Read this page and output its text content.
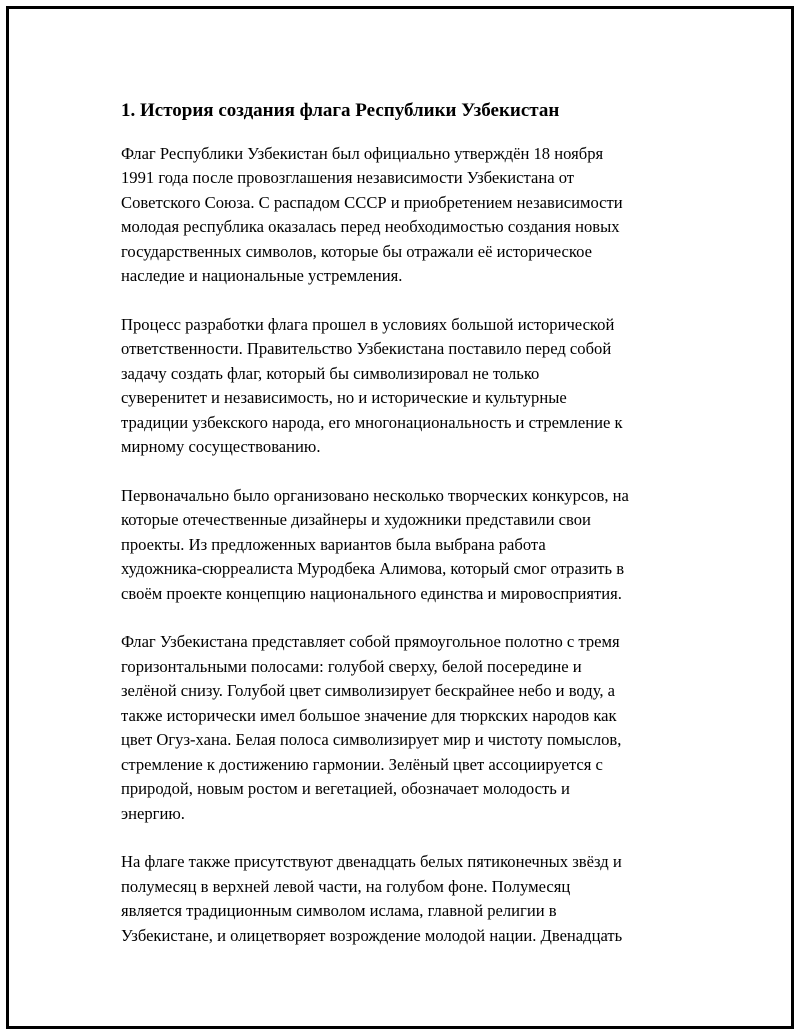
1. История создания флага Республики Узбекистан
Флаг Республики Узбекистан был официально утверждён 18 ноября
1991 года после провозглашения независимости Узбекистана от
Советского Союза. С распадом СССР и приобретением независимости
молодая республика оказалась перед необходимостью создания новых
государственных символов, которые бы отражали её историческое
наследие и национальные устремления.
Процесс разработки флага прошел в условиях большой исторической
ответственности. Правительство Узбекистана поставило перед собой
задачу создать флаг, который бы символизировал не только
суверенитет и независимость, но и исторические и культурные
традиции узбекского народа, его многонациональность и стремление к
мирному сосуществованию.
Первоначально было организовано несколько творческих конкурсов, на
которые отечественные дизайнеры и художники представили свои
проекты. Из предложенных вариантов была выбрана работа
художника-сюрреалиста Муродбека Алимова, который смог отразить в
своём проекте концепцию национального единства и мировосприятия.
Флаг Узбекистана представляет собой прямоугольное полотно с тремя
горизонтальными полосами: голубой сверху, белой посередине и
зелёной снизу. Голубой цвет символизирует бескрайнее небо и воду, а
также исторически имел большое значение для тюркских народов как
цвет Огуз-хана. Белая полоса символизирует мир и чистоту помыслов,
стремление к достижению гармонии. Зелёный цвет ассоциируется с
природой, новым ростом и вегетацией, обозначает молодость и
энергию.
На флаге также присутствуют двенадцать белых пятиконечных звёзд и
полумесяц в верхней левой части, на голубом фоне. Полумесяц
является традиционным символом ислама, главной религии в
Узбекистане, и олицетворяет возрождение молодой нации. Двенадцать
